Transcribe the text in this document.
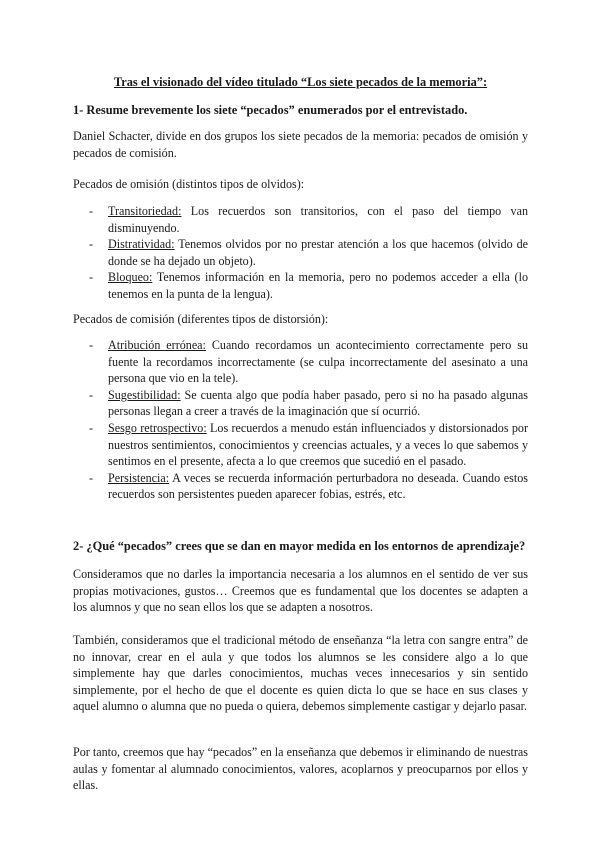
Tras el visionado del vídeo titulado “Los siete pecados de la memoria”:
1- Resume brevemente los siete “pecados” enumerados por el entrevistado.
Daniel Schacter, divide en dos grupos los siete pecados de la memoria: pecados de omisión y pecados de comisión.
Pecados de omisión (distintos tipos de olvidos):
- Transitoriedad: Los recuerdos son transitorios, con el paso del tiempo van disminuyendo.
- Distratividad: Tenemos olvidos por no prestar atención a los que hacemos (olvido de donde se ha dejado un objeto).
- Bloqueo: Tenemos información en la memoria, pero no podemos acceder a ella (lo tenemos en la punta de la lengua).
Pecados de comisión (diferentes tipos de distorsión):
- Atribución errónea: Cuando recordamos un acontecimiento correctamente pero su fuente la recordamos incorrectamente (se culpa incorrectamente del asesinato a una persona que vio en la tele).
- Sugestibilidad: Se cuenta algo que podía haber pasado, pero si no ha pasado algunas personas llegan a creer a través de la imaginación que sí ocurrió.
- Sesgo retrospectivo: Los recuerdos a menudo están influenciados y distorsionados por nuestros sentimientos, conocimientos y creencias actuales, y a veces lo que sabemos y sentimos en el presente, afecta a lo que creemos que sucedió en el pasado.
- Persistencia: A veces se recuerda información perturbadora no deseada. Cuando estos recuerdos son persistentes pueden aparecer fobias, estrés, etc.
2- ¿Qué “pecados” crees que se dan en mayor medida en los entornos de aprendizaje?
Consideramos que no darles la importancia necesaria a los alumnos en el sentido de ver sus propias motivaciones, gustos… Creemos que es fundamental que los docentes se adapten a los alumnos y que no sean ellos los que se adapten a nosotros.
También, consideramos que el tradicional método de enseñanza “la letra con sangre entra” de no innovar, crear en el aula y que todos los alumnos se les considere algo a lo que simplemente hay que darles conocimientos, muchas veces innecesarios y sin sentido simplemente, por el hecho de que el docente es quien dicta lo que se hace en sus clases y aquel alumno o alumna que no pueda o quiera, debemos simplemente castigar y dejarlo pasar.
Por tanto, creemos que hay “pecados” en la enseñanza que debemos ir eliminando de nuestras aulas y fomentar al alumnado conocimientos, valores, acoplarnos y preocuparnos por ellos y ellas.
